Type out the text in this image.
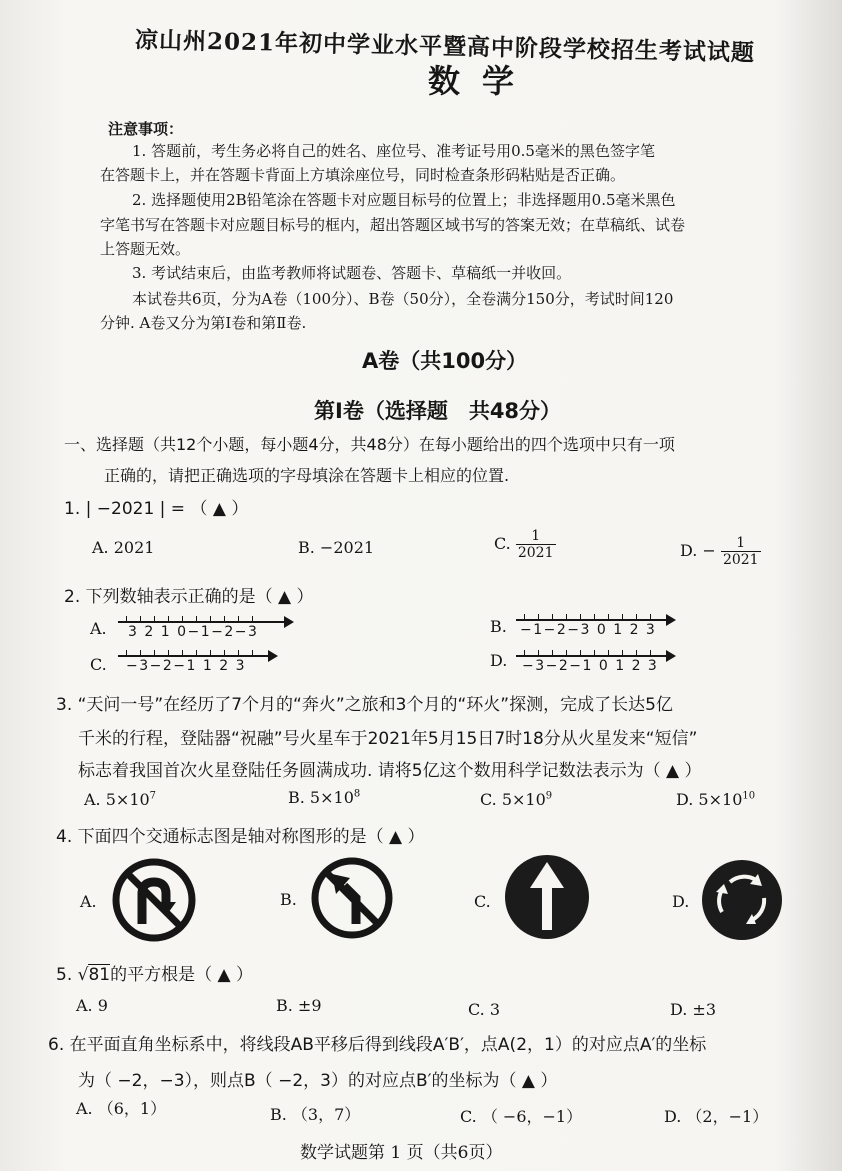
凉山州2021年初中学业水平暨高中阶段学校招生考试试题
数学
注意事项：
1. 答题前，考生务必将自己的姓名、座位号、准考证号用0.5毫米的黑色签字笔
在答题卡上，并在答题卡背面上方填涂座位号，同时检查条形码粘贴是否正确。
2. 选择题使用2B铅笔涂在答题卡对应题目标号的位置上；非选择题用0.5毫米黑色
字笔书写在答题卡对应题目标号的框内，超出答题区域书写的答案无效；在草稿纸、试卷
上答题无效。
3. 考试结束后，由监考教师将试题卷、答题卡、草稿纸一并收回。
本试卷共6页，分为A卷（100分）、B卷（50分），全卷满分150分，考试时间120
分钟. A卷又分为第Ⅰ卷和第Ⅱ卷.
A卷（共100分）
第Ⅰ卷（选择题　共48分）
一、选择题（共12个小题，每小题4分，共48分）在每小题给出的四个选项中只有一项
正确的，请把正确选项的字母填涂在答题卡上相应的位置.
1. | −2021 | = （ ▲ ）
A. 2021	B. −2021	C. $\frac{1}{2021}$	D. − $\frac{1}{2021}$
2. 下列数轴表示正确的是（ ▲ ）
A. 3 2 1 0−1−2−3	B. −1−2−3 0 1 2 3
C. −3−2−1 1 2 3	D. −3−2−1 0 1 2 3
3. “天问一号”在经历了7个月的“奔火”之旅和3个月的“环火”探测，完成了长达5亿
千米的行程，登陆器“祝融”号火星车于2021年5月15日7时18分从火星发来“短信”
标志着我国首次火星登陆任务圆满成功. 请将5亿这个数用科学记数法表示为（ ▲ ）
A. $5\times 10^7$	B. $5\times 10^8$	C. $5\times 10^9$	D. $5\times 10^{10}$
4. 下面四个交通标志图是轴对称图形的是（ ▲ ）
A.	B.	C.	D.
5. √81的平方根是（ ▲ ）
A. 9	B. ±9	C. 3	D. ±3
6. 在平面直角坐标系中，将线段AB平移后得到线段A′B′，点A(2，1）的对应点A′的坐标
为（ −2，−3），则点B（ −2，3）的对应点B′的坐标为（ ▲ ）
A. （6，1）	B. （3，7）	C. （ −6，−1）	D. （2，−1）
数学试题第 1 页（共6页）
